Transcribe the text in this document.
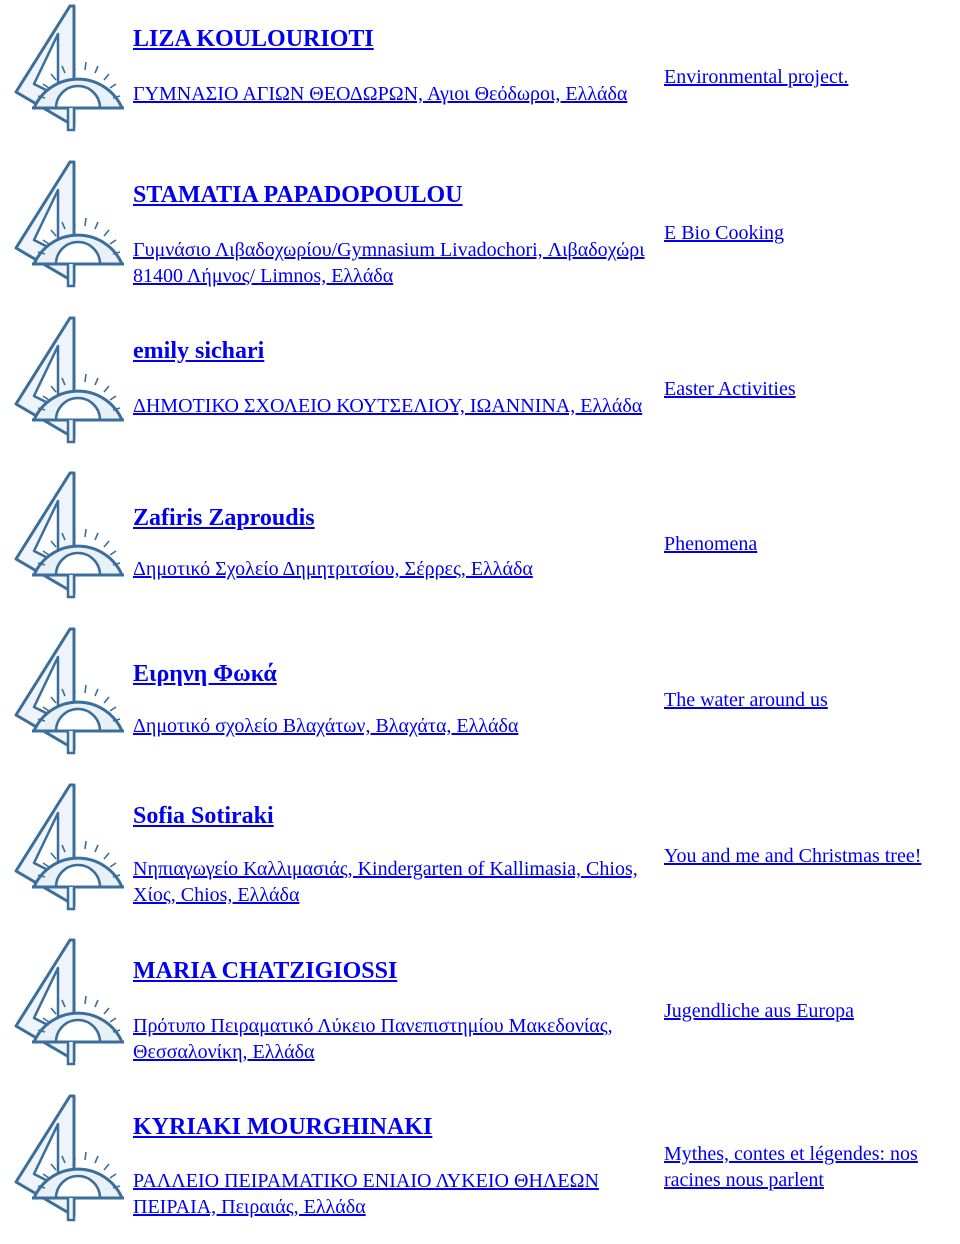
LIZA KOULOURIOTI
ΓΥΜΝΑΣΙΟ ΑΓΙΩΝ ΘΕΟΔΩΡΩΝ, Αγιοι Θεόδωροι, Ελλάδα
Environmental project.
STAMATIA PAPADOPOULOU
Γυμνάσιο Λιβαδοχωρίου/Gymnasium Livadochori, Λιβαδοχώρι 81400 Λήμνος/ Limnos, Ελλάδα
E Bio Cooking
emily sichari
ΔΗΜΟΤΙΚΟ ΣΧΟΛΕΙΟ ΚΟΥΤΣΕΛΙΟΥ, ΙΩΑΝΝΙΝΑ, Ελλάδα
Easter Activities
Zafiris Zaproudis
Δημοτικό Σχολείο Δημητριτσίου, Σέρρες, Ελλάδα
Phenomena
Ειρηνη Φωκά
Δημοτικό σχολείο Βλαχάτων, Βλαχάτα, Ελλάδα
The water around us
Sofia Sotiraki
Νηπιαγωγείο Καλλιμασιάς, Kindergarten of Kallimasia, Chios, Χίος, Chios, Ελλάδα
You and me and Christmas tree!
MARIA CHATZIGIOSSI
Πρότυπο Πειραματικό Λύκειο Πανεπιστημίου Μακεδονίας, Θεσσαλονίκη, Ελλάδα
Jugendliche aus Europa
KYRIAKI MOURGHINAKI
ΡΑΛΛΕΙΟ ΠΕΙΡΑΜΑΤΙΚΟ ΕΝΙΑΙΟ ΛΥΚΕΙΟ ΘΗΛΕΩΝ ΠΕΙΡΑΙΑ, Πειραιάς, Ελλάδα
Mythes, contes et légendes: nos racines nous parlent
